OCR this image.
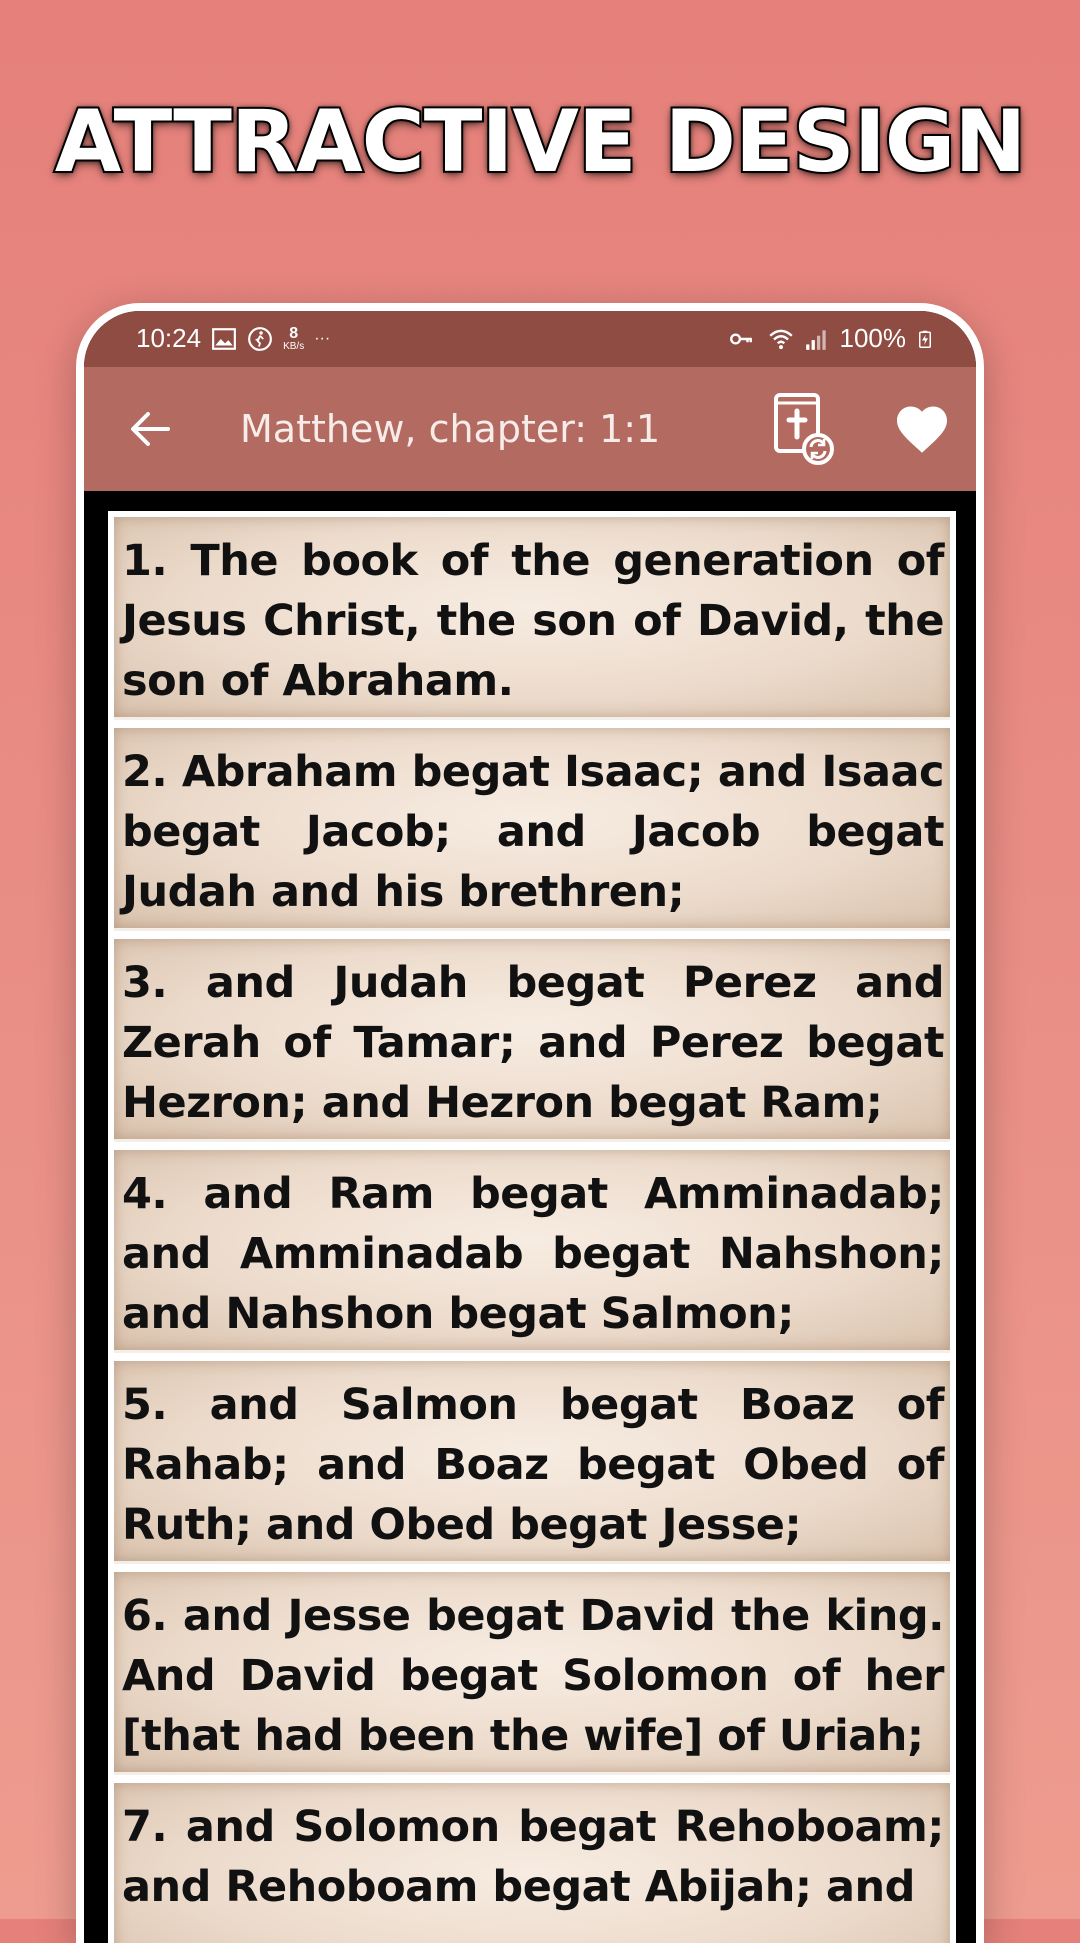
ATTRACTIVE DESIGN
10:24	8
KB/s ···	100%
Matthew, chapter: 1:1
1. The book of the generation of Jesus Christ, the son of David, the son of Abraham.
2. Abraham begat Isaac; and Isaac begat Jacob; and Jacob begat Judah and his brethren;
3. and Judah begat Perez and Zerah of Tamar; and Perez begat Hezron; and Hezron begat Ram;
4. and Ram begat Amminadab; and Amminadab begat Nahshon; and Nahshon begat Salmon;
5. and Salmon begat Boaz of Rahab; and Boaz begat Obed of Ruth; and Obed begat Jesse;
6. and Jesse begat David the king. And David begat Solomon of her [that had been the wife] of Uriah;
7. and Solomon begat Rehoboam; and Rehoboam begat Abijah; and
